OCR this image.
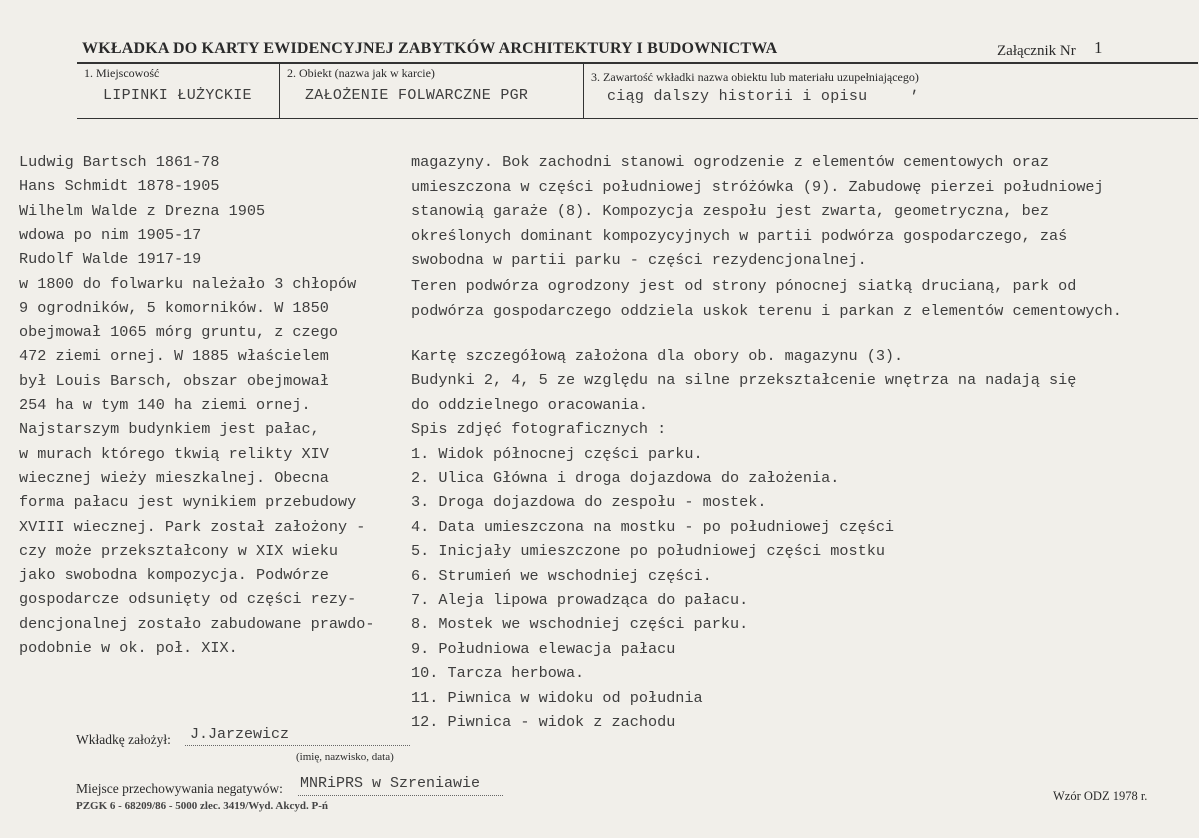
WKŁADKA DO KARTY EWIDENCYJNEJ ZABYTKÓW ARCHITEKTURY I BUDOWNICTWA	Załącznik Nr 1
1. Miejscowość
LIPINKI ŁUŻYCKIE
2. Obiekt (nazwa jak w karcie)
ZAŁOŻENIE FOLWARCZNE PGR
3. Zawartość wkładki nazwa obiektu lub materiału uzupełniającego)
ciąg dalszy historii i opisu '
Ludwig Bartsch 1861-78
Hans Schmidt 1878-1905
Wilhelm Walde z Drezna 1905
wdowa po nim 1905-17
Rudolf Walde 1917-19
w 1800 do folwarku należało 3 chłopów
9 ogrodników, 5 komorników. W 1850
obejmował 1065 mórg gruntu, z czego
472 ziemi ornej. W 1885 właścielem
był Louis Barsch, obszar obejmował
254 ha w tym 140 ha ziemi ornej.
Najstarszym budynkiem jest pałac,
w murach którego tkwią relikty XIV
wiecznej wieży mieszkalnej. Obecna
forma pałacu jest wynikiem przebudowy
XVIII wiecznej. Park został założony -
czy może przekształcony w XIX wieku
jako swobodna kompozycja. Podwórze
gospodarcze odsunięty od części rezy-
dencjonalnej zostało zabudowane prawdo-
podobnie w ok. poł. XIX.
magazyny. Bok zachodni stanowi ogrodzenie z elementów cementowych oraz
umieszczona w części południowej stróżówka (9). Zabudowę pierzei południowej
stanowią garaże (8). Kompozycja zespołu jest zwarta, geometryczna, bez
określonych dominant kompozycyjnych w partii podwórza gospodarczego, zaś
swobodna w partii parku - części rezydencjonalnej.
Teren podwórza ogrodzony jest od strony pónocnej siatką drucianą, park od
podwórza gospodarczego oddziela uskok terenu i parkan z elementów cementowych.
Kartę szczegółową założona dla obory ob. magazynu (3).
Budynki 2, 4, 5 ze względu na silne przekształcenie wnętrza na nadają się
do oddzielnego oracowania.
Spis zdjęć fotograficznych :
1. Widok północnej części parku.
2. Ulica Główna i droga dojazdowa do założenia.
3. Droga dojazdowa do zespołu - mostek.
4. Data umieszczona na mostku - po południowej części
5. Inicjały umieszczone po południowej części mostku
6. Strumień we wschodniej części.
7. Aleja lipowa prowadząca do pałacu.
8. Mostek we wschodniej części parku.
9. Południowa elewacja pałacu
10. Tarcza herbowa.
11. Piwnica w widoku od południa
12. Piwnica - widok z zachodu
Wkładkę założył: J.Jarzewicz
(imię, nazwisko, data)
Miejsce przechowywania negatywów: MNRiPRS w Szreniawie
PZGK 6 - 68209/86 - 5000 zlec. 3419/Wyd. Akcyd. P-ń
Wzór ODZ 1978 r.
